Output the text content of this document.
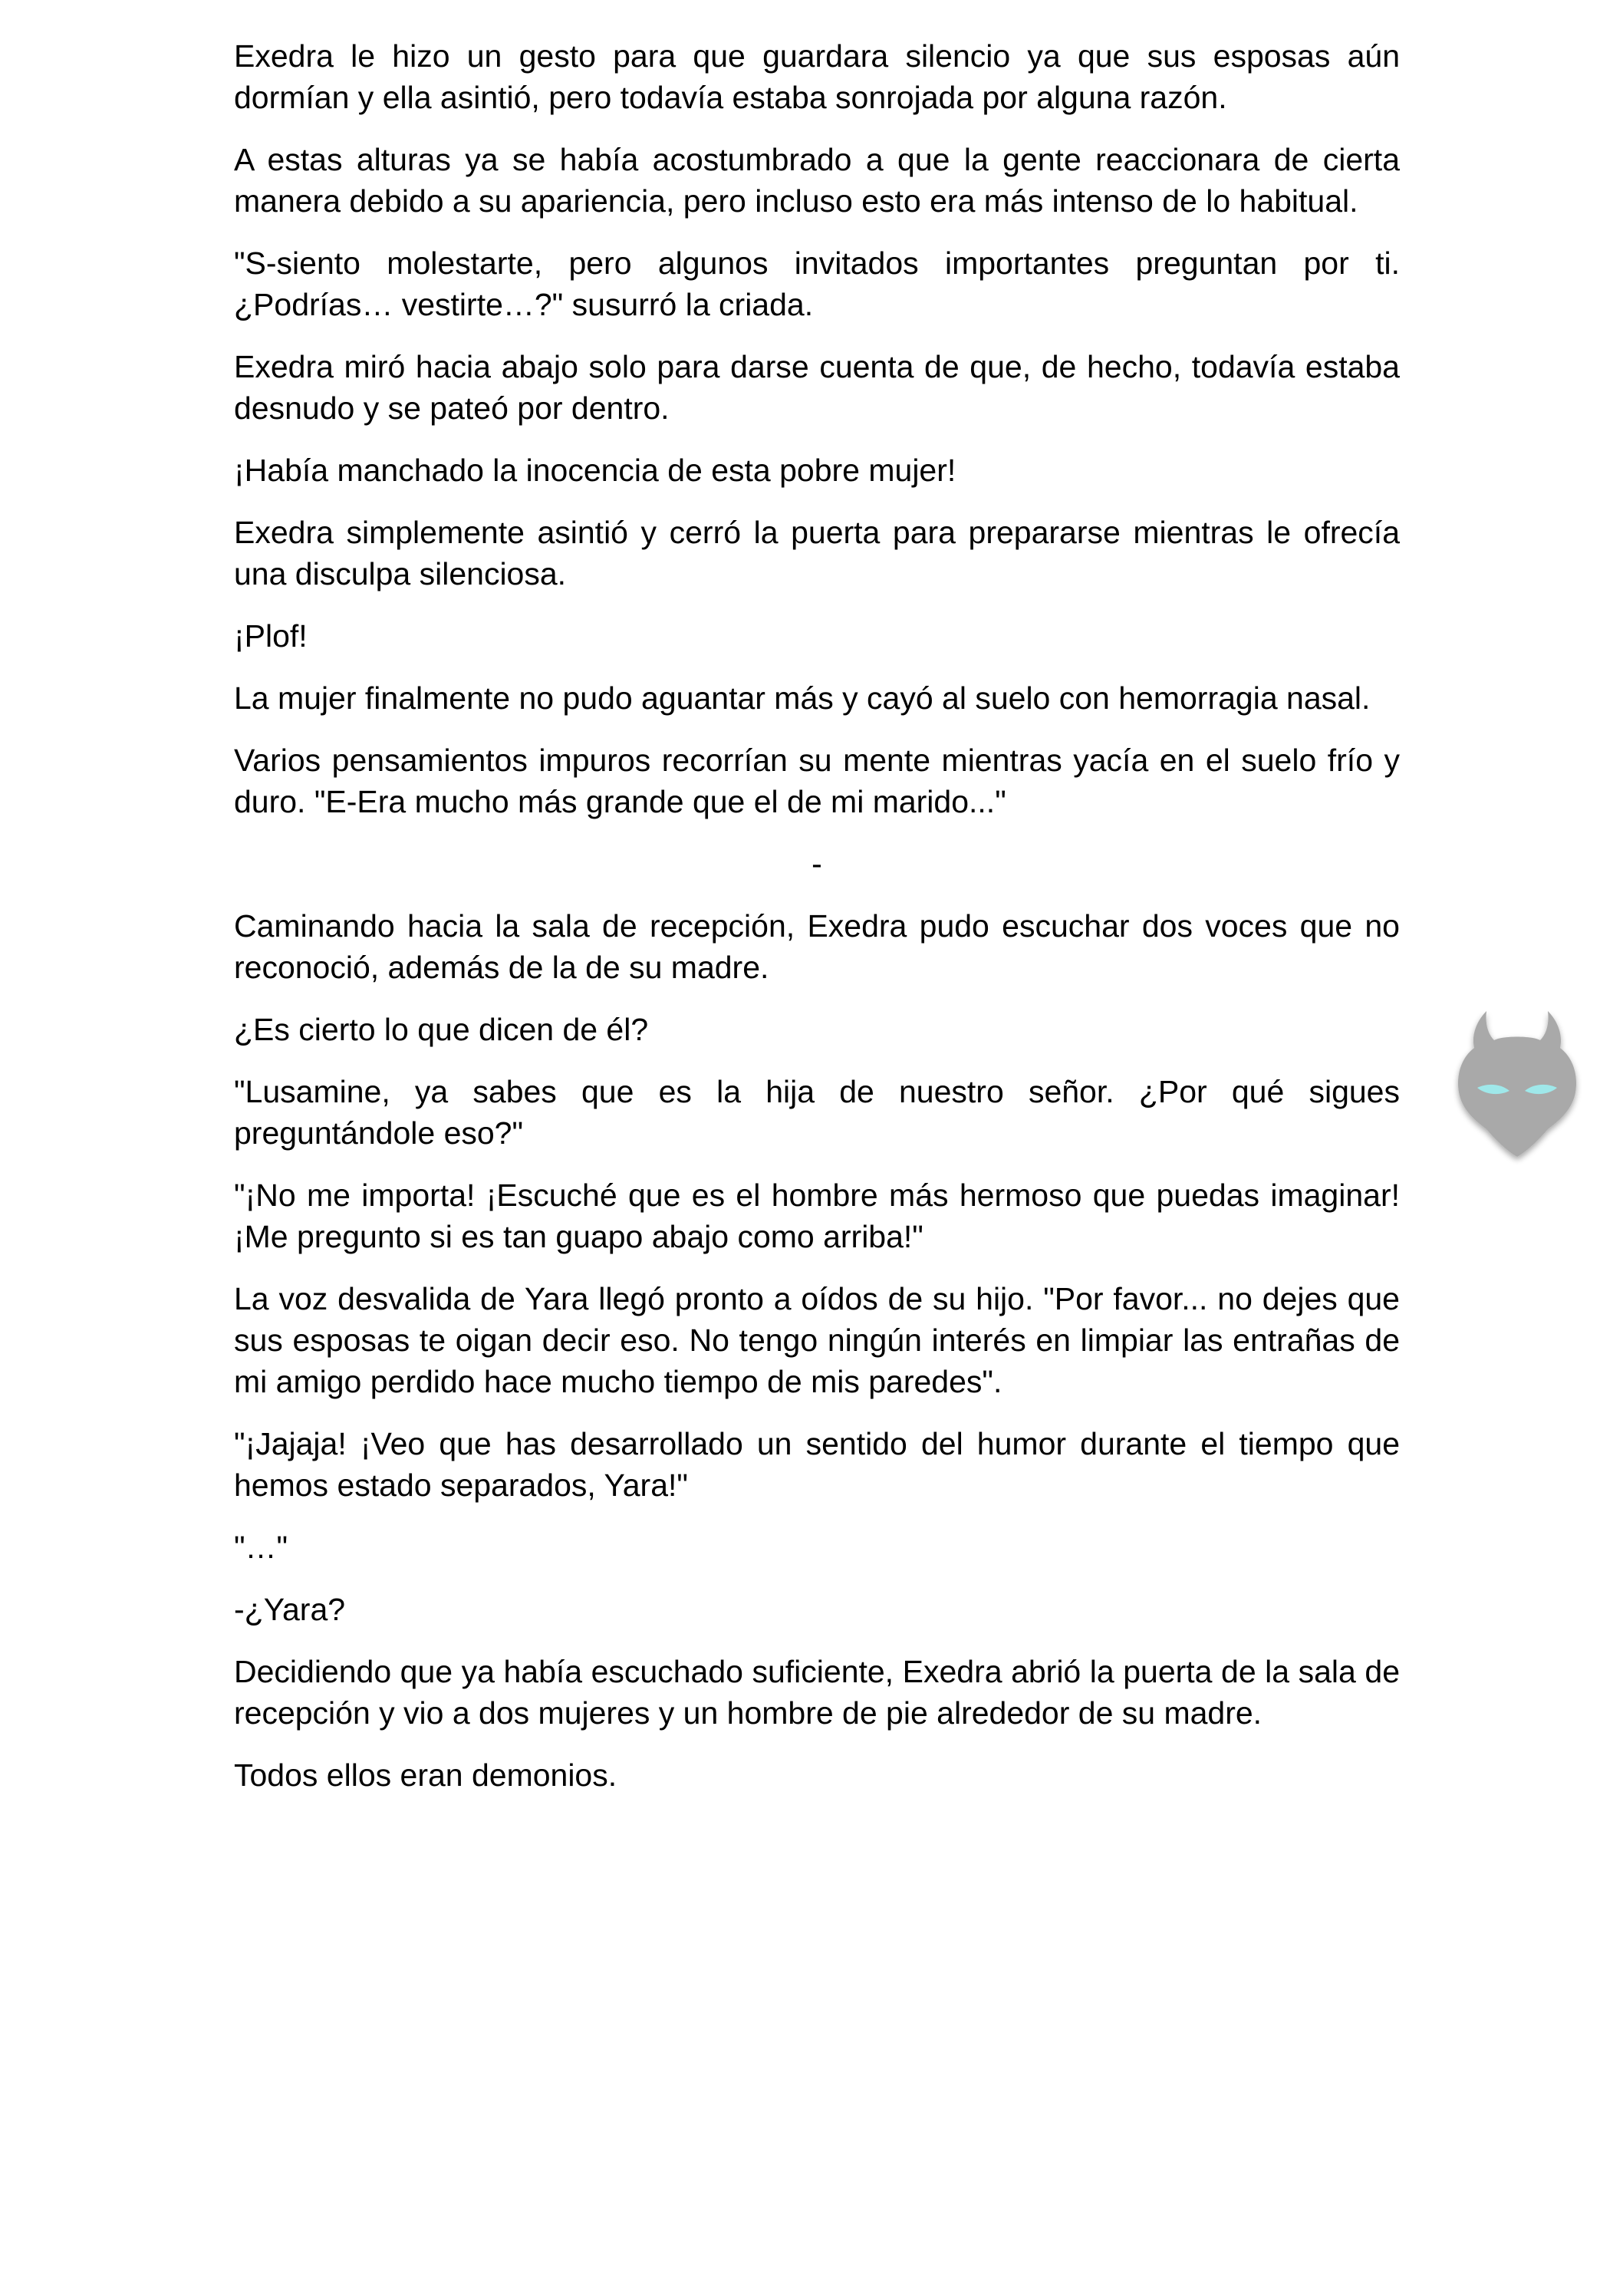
Exedra le hizo un gesto para que guardara silencio ya que sus esposas aún dormían y ella asintió, pero todavía estaba sonrojada por alguna razón.

A estas alturas ya se había acostumbrado a que la gente reaccionara de cierta manera debido a su apariencia, pero incluso esto era más intenso de lo habitual.

"S-siento molestarte, pero algunos invitados importantes preguntan por ti. ¿Podrías… vestirte…?" susurró la criada.

Exedra miró hacia abajo solo para darse cuenta de que, de hecho, todavía estaba desnudo y se pateó por dentro.

¡Había manchado la inocencia de esta pobre mujer!

Exedra simplemente asintió y cerró la puerta para prepararse mientras le ofrecía una disculpa silenciosa.

¡Plof!

La mujer finalmente no pudo aguantar más y cayó al suelo con hemorragia nasal.

Varios pensamientos impuros recorrían su mente mientras yacía en el suelo frío y duro. "E-Era mucho más grande que el de mi marido..."

-

Caminando hacia la sala de recepción, Exedra pudo escuchar dos voces que no reconoció, además de la de su madre.

¿Es cierto lo que dicen de él?

"Lusamine, ya sabes que es la hija de nuestro señor. ¿Por qué sigues preguntándole eso?"

"¡No me importa! ¡Escuché que es el hombre más hermoso que puedas imaginar! ¡Me pregunto si es tan guapo abajo como arriba!"

La voz desvalida de Yara llegó pronto a oídos de su hijo. "Por favor... no dejes que sus esposas te oigan decir eso. No tengo ningún interés en limpiar las entrañas de mi amigo perdido hace mucho tiempo de mis paredes".

"¡Jajaja! ¡Veo que has desarrollado un sentido del humor durante el tiempo que hemos estado separados, Yara!"

"…"

-¿Yara?

Decidiendo que ya había escuchado suficiente, Exedra abrió la puerta de la sala de recepción y vio a dos mujeres y un hombre de pie alrededor de su madre.

Todos ellos eran demonios.
